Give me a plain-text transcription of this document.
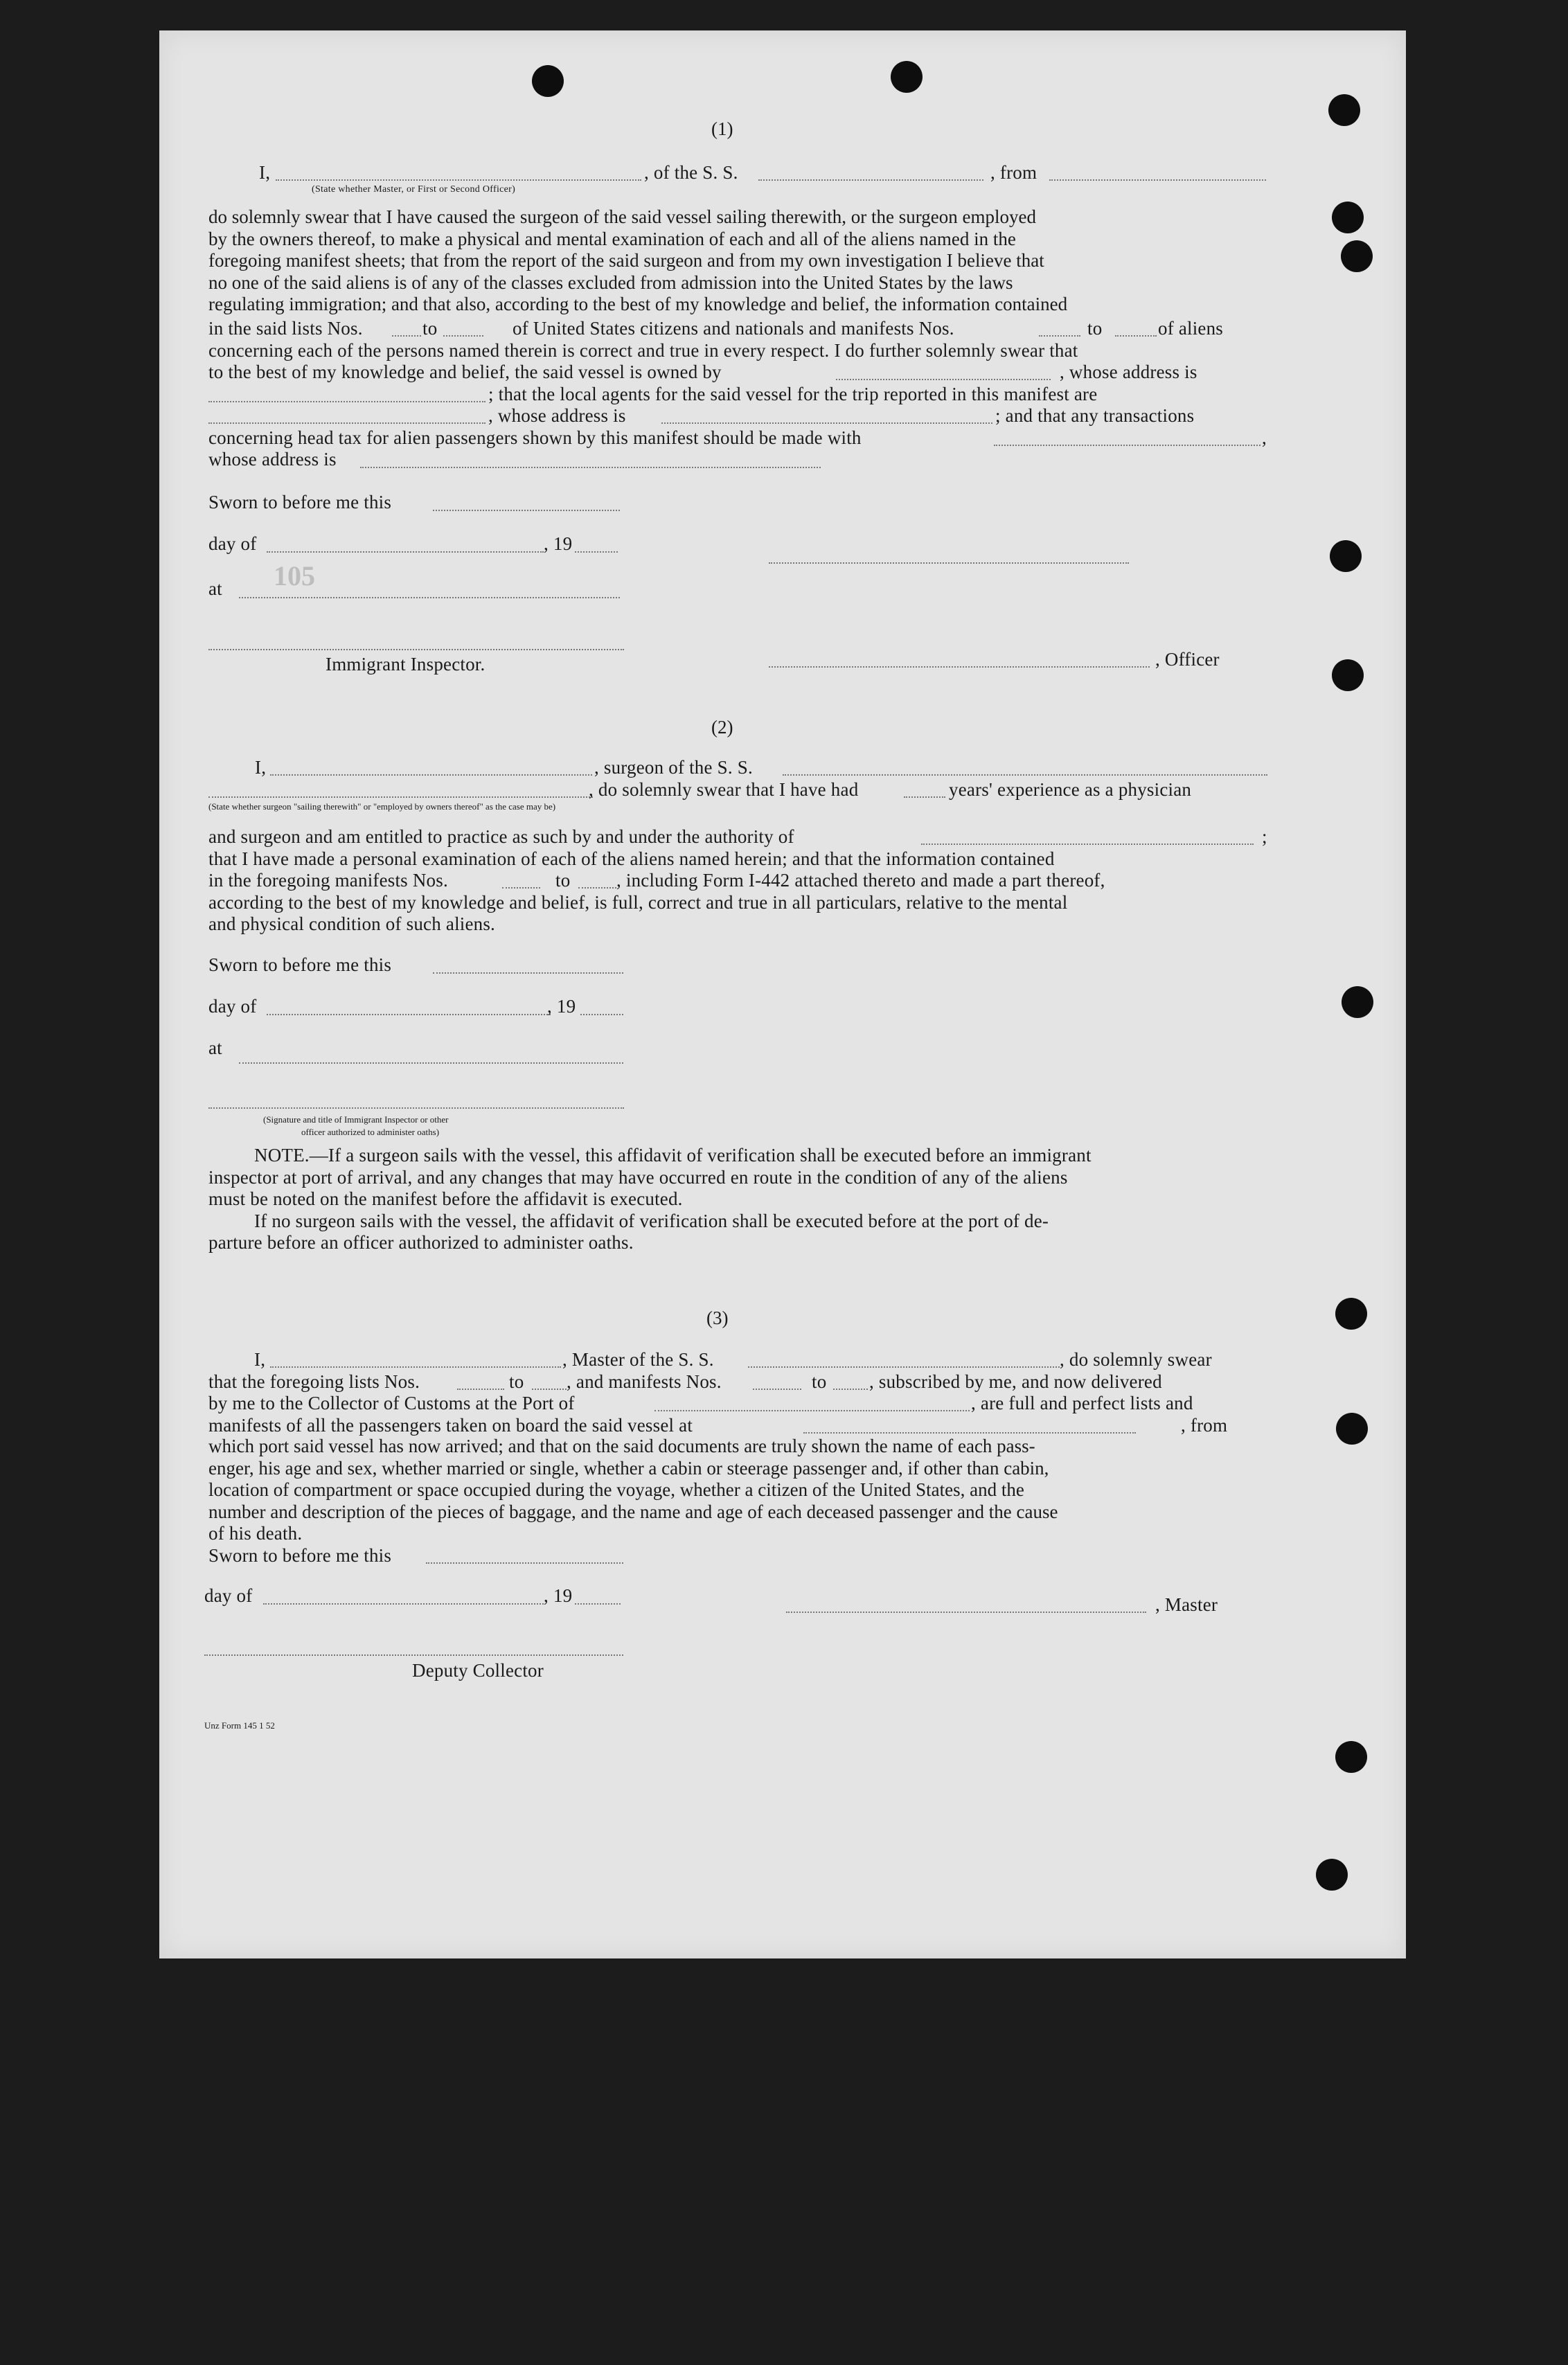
(1)
I,	, of the S. S.	, from
(State whether Master, or First or Second Officer)
do solemnly swear that I have caused the surgeon of the said vessel sailing therewith, or the surgeon employed
by the owners thereof, to make a physical and mental examination of each and all of the aliens named in the
foregoing manifest sheets; that from the report of the said surgeon and from my own investigation I believe that
no one of the said aliens is of any of the classes excluded from admission into the United States by the laws
regulating immigration; and that also, according to the best of my knowledge and belief, the information contained
in the said lists Nos.	to	of United States citizens and nationals and manifests Nos.	to	of aliens
concerning each of the persons named therein is correct and true in every respect. I do further solemnly swear that
to the best of my knowledge and belief, the said vessel is owned by	, whose address is
; that the local agents for the said vessel for the trip reported in this manifest are
, whose address is	; and that any transactions
concerning head tax for alien passengers shown by this manifest should be made with	,
whose address is
Sworn to before me this
day of	, 19
at 105
Immigrant Inspector.	, Officer
(2)
I,	, surgeon of the S. S.
, do solemnly swear that I have had	years' experience as a physician
(State whether surgeon "sailing therewith" or "employed by owners thereof" as the case may be)
and surgeon and am entitled to practice as such by and under the authority of	;
that I have made a personal examination of each of the aliens named herein; and that the information contained
in the foregoing manifests Nos.	to , including Form I-442 attached thereto and made a part thereof,
according to the best of my knowledge and belief, is full, correct and true in all particulars, relative to the mental
and physical condition of such aliens.
Sworn to before me this
day of	, 19
at
(Signature and title of Immigrant Inspector or other
officer authorized to administer oaths)
NOTE.—If a surgeon sails with the vessel, this affidavit of verification shall be executed before an immigrant
inspector at port of arrival, and any changes that may have occurred en route in the condition of any of the aliens
must be noted on the manifest before the affidavit is executed.
If no surgeon sails with the vessel, the affidavit of verification shall be executed before at the port of de-
parture before an officer authorized to administer oaths.
(3)
I,	, Master of the S. S.	, do solemnly swear
that the foregoing lists Nos.	to , and manifests Nos.	to , subscribed by me, and now delivered
by me to the Collector of Customs at the Port of	, are full and perfect lists and
manifests of all the passengers taken on board the said vessel at	, from
which port said vessel has now arrived; and that on the said documents are truly shown the name of each pass-
enger, his age and sex, whether married or single, whether a cabin or steerage passenger and, if other than cabin,
location of compartment or space occupied during the voyage, whether a citizen of the United States, and the
number and description of the pieces of baggage, and the name and age of each deceased passenger and the cause
of his death.
Sworn to before me this
day of	, 19	, Master
Deputy Collector
Unz Form 145 1 52
